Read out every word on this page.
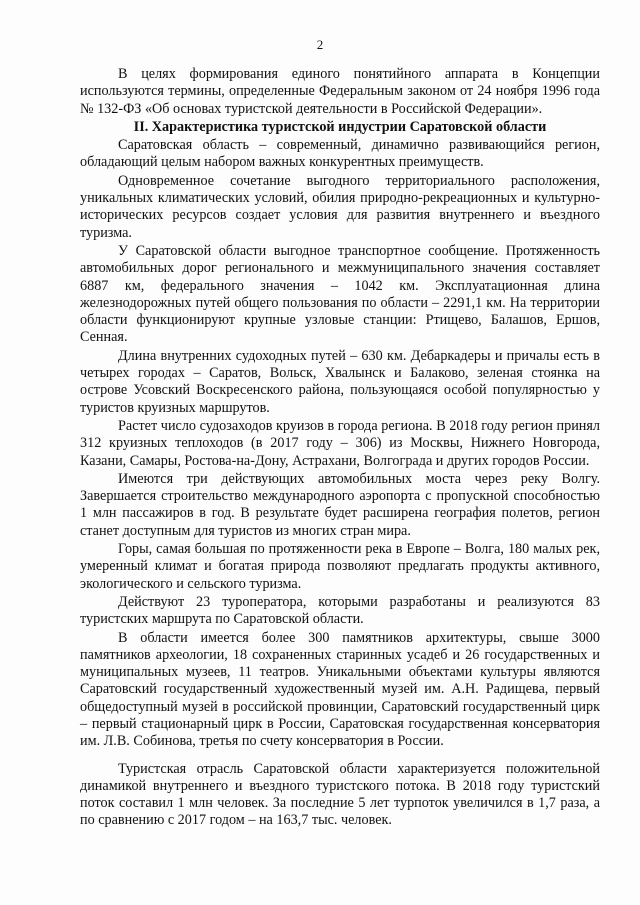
2

В целях формирования единого понятийного аппарата в Концепции используются термины, определенные Федеральным законом от 24 ноября 1996 года № 132-ФЗ «Об основах туристской деятельности в Российской Федерации».

II. Характеристика туристской индустрии Саратовской области

Саратовская область – современный, динамично развивающийся регион, обладающий целым набором важных конкурентных преимуществ.

Одновременное сочетание выгодного территориального расположения, уникальных климатических условий, обилия природно-рекреационных и культурно-исторических ресурсов создает условия для развития внутреннего и въездного туризма.

У Саратовской области выгодное транспортное сообщение. Протяженность автомобильных дорог регионального и межмуниципального значения составляет 6887 км, федерального значения – 1042 км. Эксплуатационная длина железнодорожных путей общего пользования по области – 2291,1 км. На территории области функционируют крупные узловые станции: Ртищево, Балашов, Ершов, Сенная.

Длина внутренних судоходных путей – 630 км. Дебаркадеры и причалы есть в четырех городах – Саратов, Вольск, Хвалынск и Балаково, зеленая стоянка на острове Усовский Воскресенского района, пользующаяся особой популярностью у туристов круизных маршрутов.

Растет число судозаходов круизов в города региона. В 2018 году регион принял 312 круизных теплоходов (в 2017 году – 306) из Москвы, Нижнего Новгорода, Казани, Самары, Ростова-на-Дону, Астрахани, Волгограда и других городов России.

Имеются три действующих автомобильных моста через реку Волгу. Завершается строительство международного аэропорта с пропускной способностью 1 млн пассажиров в год. В результате будет расширена география полетов, регион станет доступным для туристов из многих стран мира.

Горы, самая большая по протяженности река в Европе – Волга, 180 малых рек, умеренный климат и богатая природа позволяют предлагать продукты активного, экологического и сельского туризма.

Действуют 23 туроператора, которыми разработаны и реализуются 83 туристских маршрута по Саратовской области.

В области имеется более 300 памятников архитектуры, свыше 3000 памятников археологии, 18 сохраненных старинных усадеб и 26 государственных и муниципальных музеев, 11 театров. Уникальными объектами культуры являются Саратовский государственный художественный музей им. А.Н. Радищева, первый общедоступный музей в российской провинции, Саратовский государственный цирк – первый стационарный цирк в России, Саратовская государственная консерватория им. Л.В. Собинова, третья по счету консерватория в России.

Туристская отрасль Саратовской области характеризуется положительной динамикой внутреннего и въездного туристского потока. В 2018 году туристский поток составил 1 млн человек. За последние 5 лет турпоток увеличился в 1,7 раза, а по сравнению с 2017 годом – на 163,7 тыс. человек.
